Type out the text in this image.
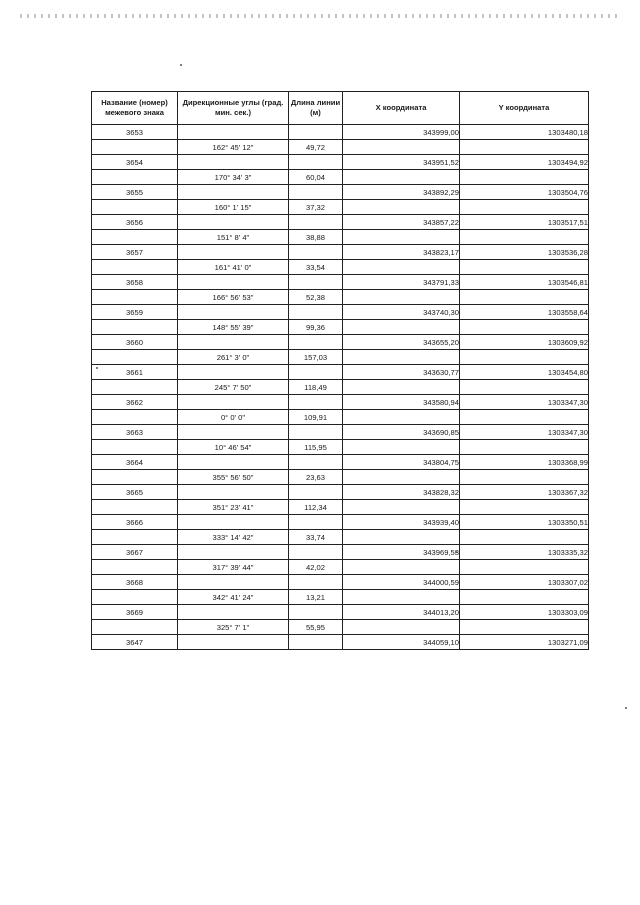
Название (номер) межевого знака	Дирекционные углы (град. мин. сек.)	Длина линии (м)	X координата	Y координата
3653			343999,00	1303480,18
	162° 45' 12"	49,72		
3654			343951,52	1303494,92
	170° 34' 3"	60,04		
3655			343892,29	1303504,76
	160° 1' 15"	37,32		
3656			343857,22	1303517,51
	151° 8' 4"	38,88		
3657			343823,17	1303536,28
	161° 41' 0"	33,54		
3658			343791,33	1303546,81
	166° 56' 53"	52,38		
3659			343740,30	1303558,64
	148° 55' 39"	99,36		
3660			343655,20	1303609,92
	261° 3' 0"	157,03		
3661			343630,77	1303454,80
	245° 7' 50"	118,49		
3662			343580,94	1303347,30
	0° 0' 0"	109,91		
3663			343690,85	1303347,30
	10° 46' 54"	115,95		
3664			343804,75	1303368,99
	355° 56' 50"	23,63		
3665			343828,32	1303367,32
	351° 23' 41"	112,34		
3666			343939,40	1303350,51
	333° 14' 42"	33,74		
3667			343969,53	1303335,32
	317° 39' 44"	42,02		
3668			344000,59	1303307,02
	342° 41' 24"	13,21		
3669			344013,20	1303303,09
	325° 7' 1"	55,95		
3647			344059,10	1303271,09
